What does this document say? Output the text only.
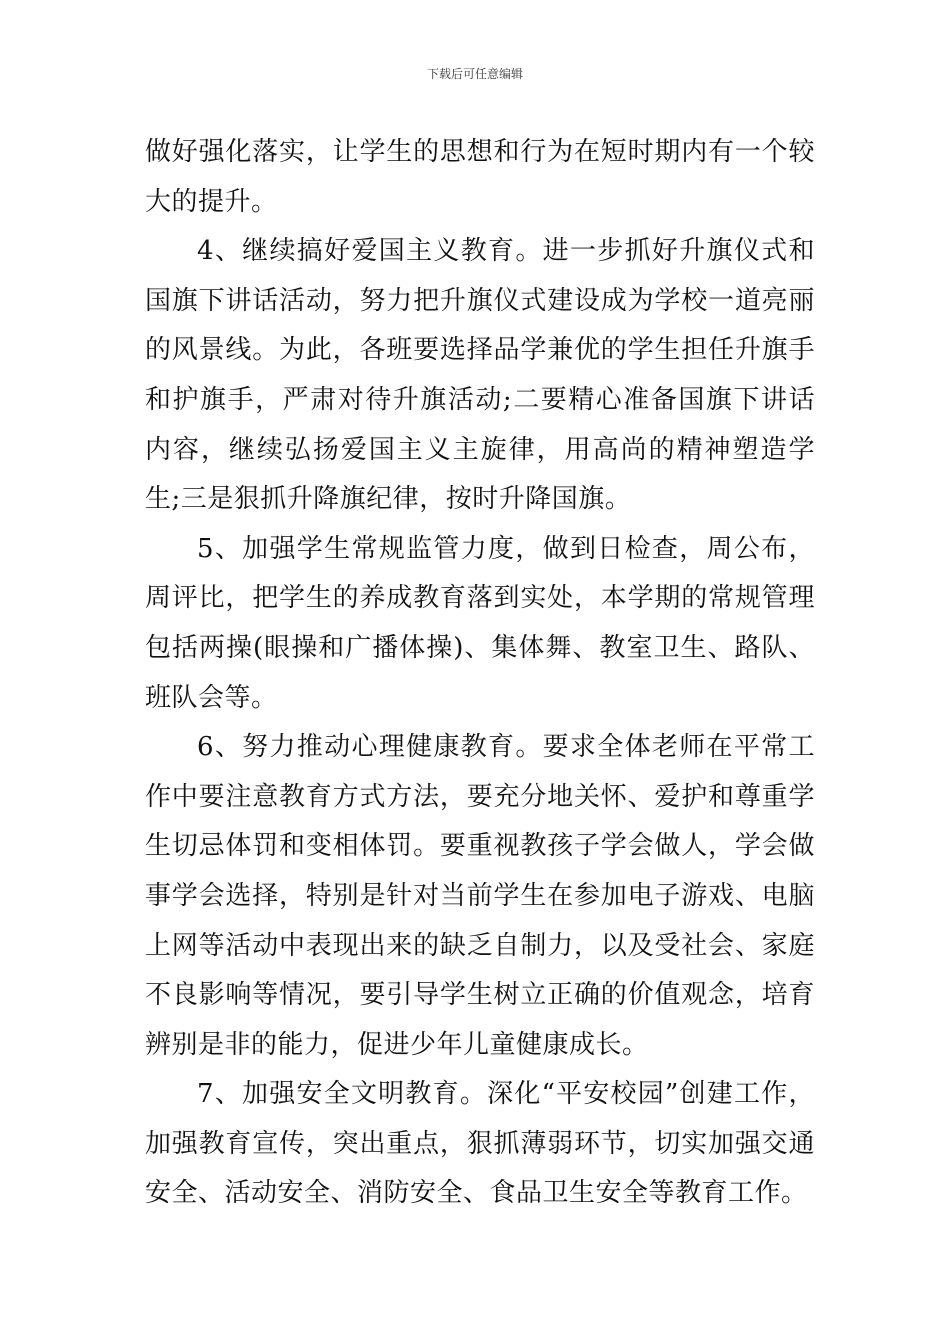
下载后可任意编辑

做好强化落实，让学生的思想和行为在短时期内有一个较大的提升。

4、继续搞好爱国主义教育。进一步抓好升旗仪式和国旗下讲话活动，努力把升旗仪式建设成为学校一道亮丽的风景线。为此，各班要选择品学兼优的学生担任升旗手和护旗手，严肃对待升旗活动;二要精心准备国旗下讲话内容，继续弘扬爱国主义主旋律，用高尚的精神塑造学生;三是狠抓升降旗纪律，按时升降国旗。

5、加强学生常规监管力度，做到日检查，周公布，周评比，把学生的养成教育落到实处，本学期的常规管理包括两操(眼操和广播体操)、集体舞、教室卫生、路队、班队会等。

6、努力推动心理健康教育。要求全体老师在平常工作中要注意教育方式方法，要充分地关怀、爱护和尊重学生切忌体罚和变相体罚。要重视教孩子学会做人，学会做事学会选择，特别是针对当前学生在参加电子游戏、电脑上网等活动中表现出来的缺乏自制力，以及受社会、家庭不良影响等情况，要引导学生树立正确的价值观念，培育辨别是非的能力，促进少年儿童健康成长。

7、加强安全文明教育。深化“平安校园”创建工作，加强教育宣传，突出重点，狠抓薄弱环节，切实加强交通安全、活动安全、消防安全、食品卫生安全等教育工作。
